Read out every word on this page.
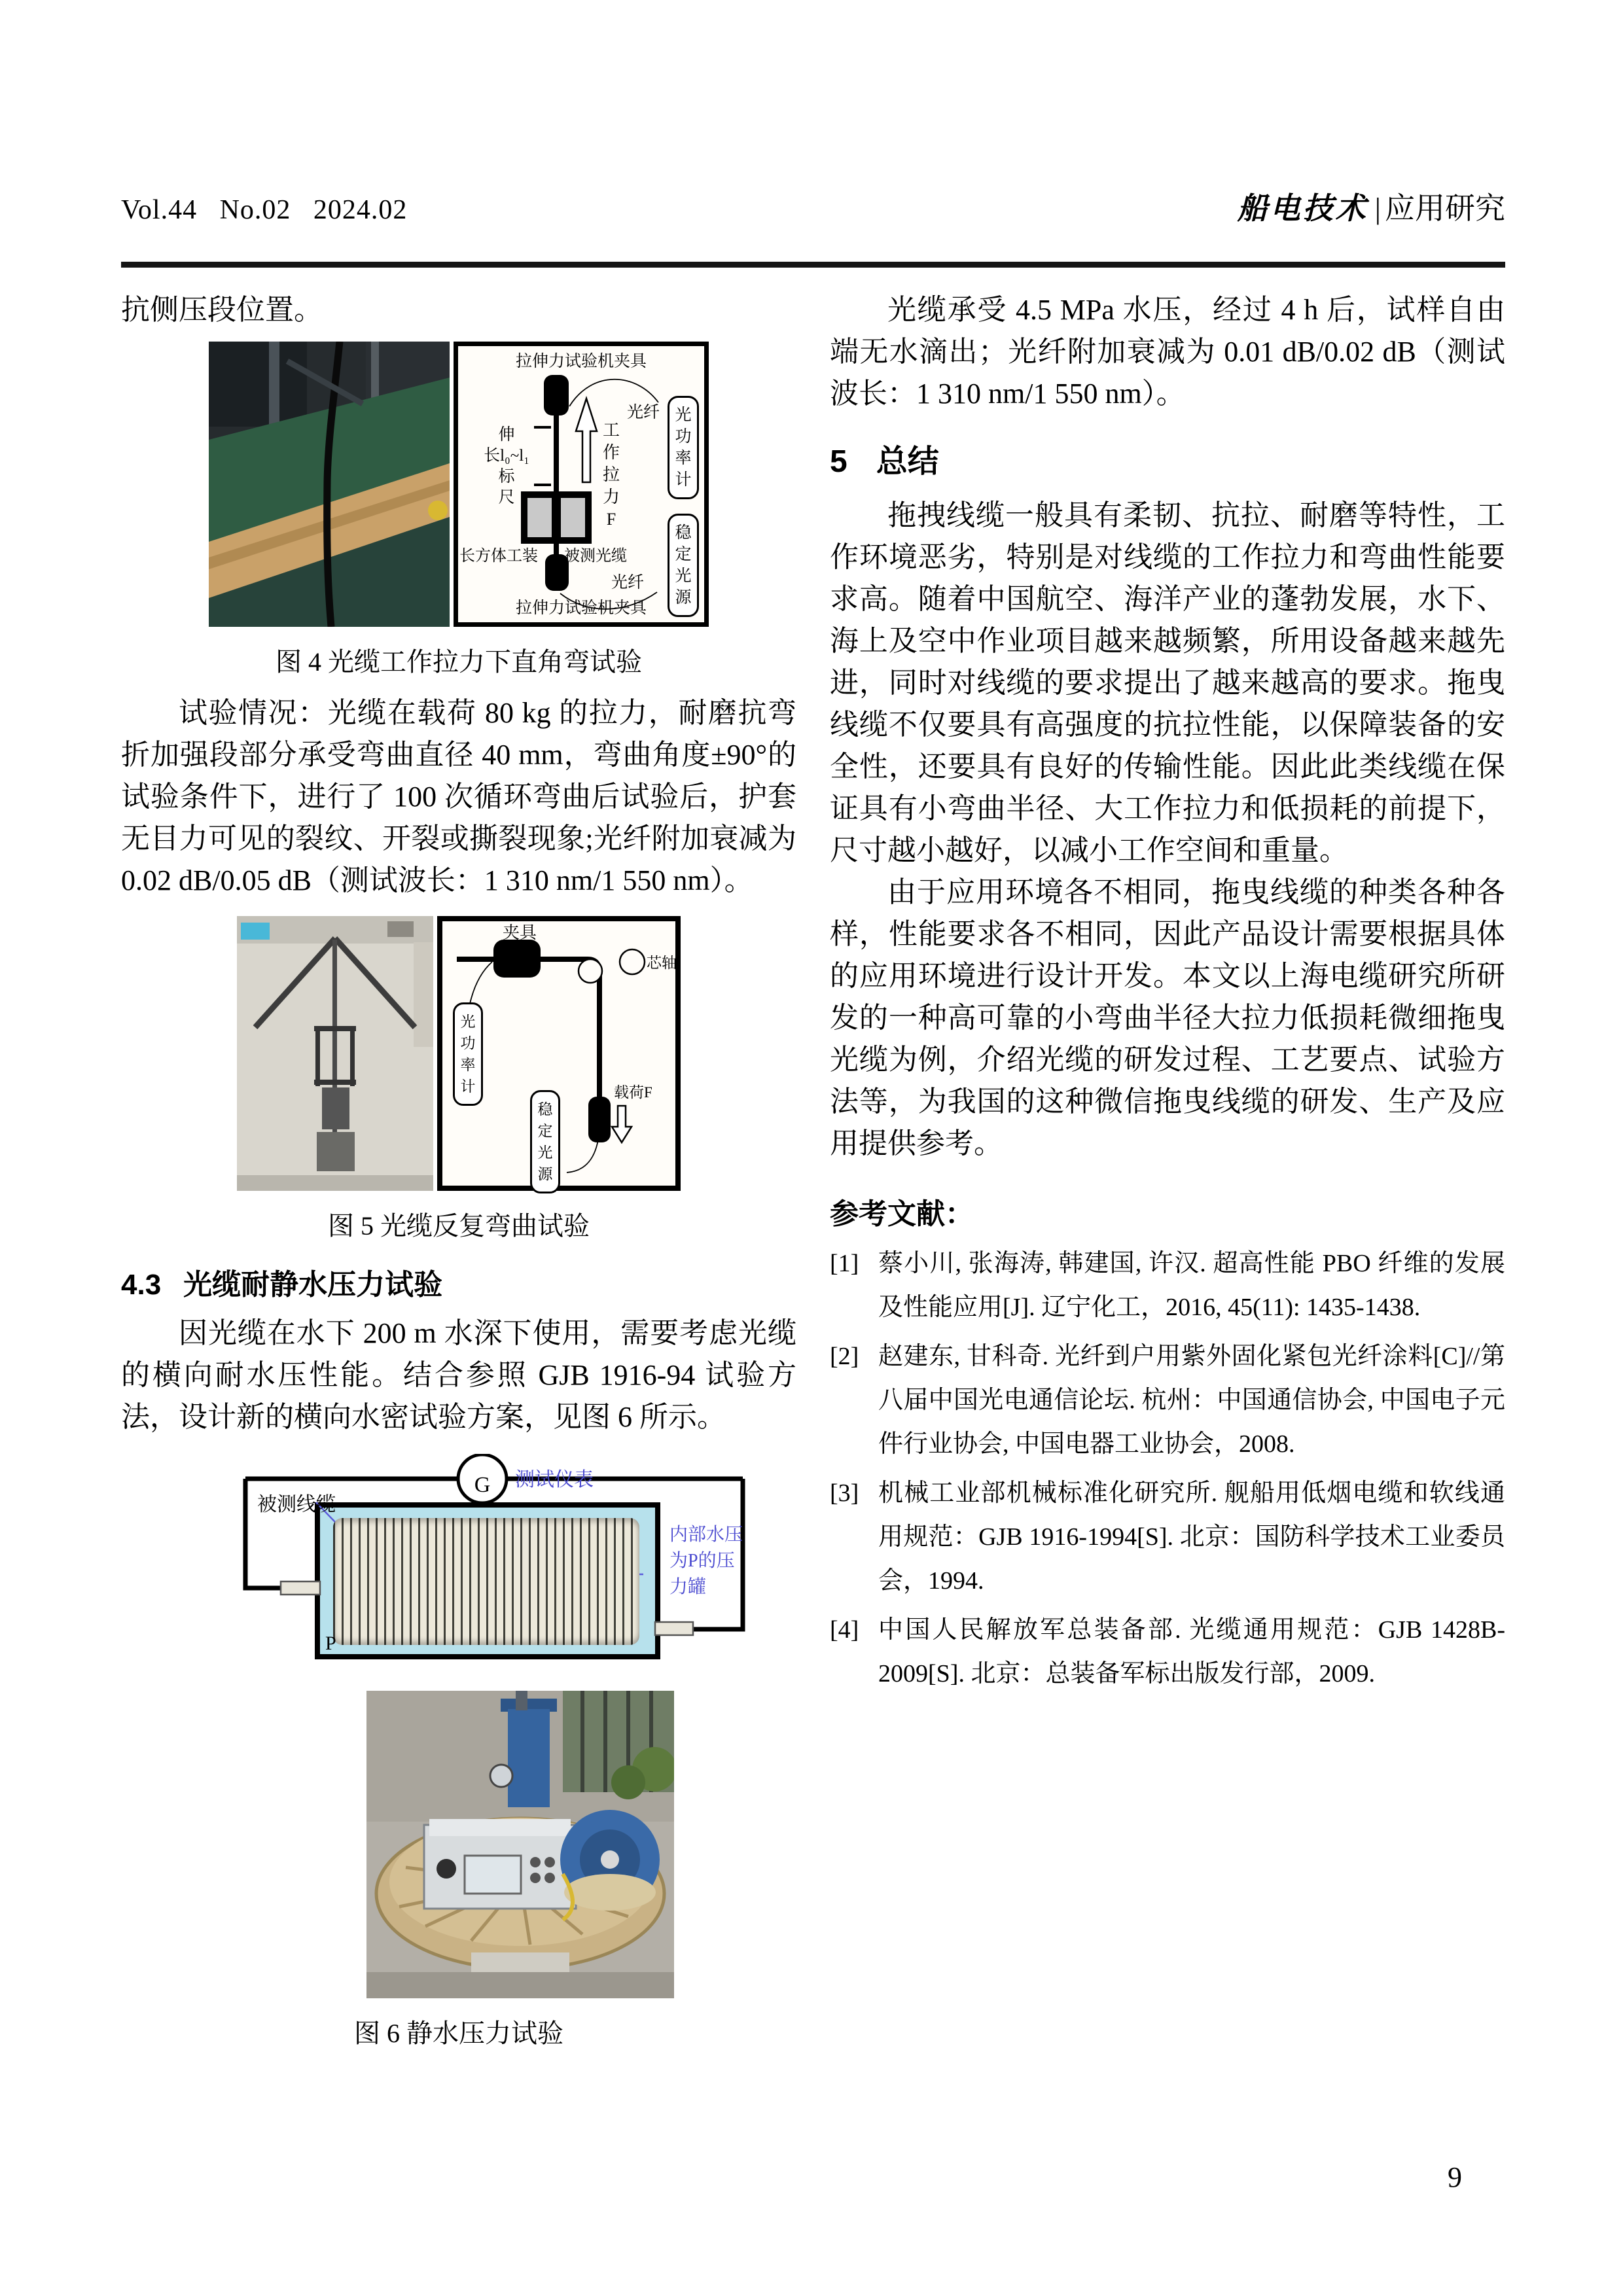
Vol.44   No.02   2024.02	船电技术 | 应用研究

抗侧压段位置。

拉伸力试验机夹具
伸
长l₀~l₁
标
尺
工作拉力F
光纤 光功率计
稳定光源
光纤
长方体工装 被测光缆
拉伸力试验机夹具

图 4 光缆工作拉力下直角弯试验

试验情况：光缆在载荷 80 kg 的拉力，耐磨抗弯折加强段部分承受弯曲直径 40 mm，弯曲角度±90°的试验条件下，进行了 100 次循环弯曲后试验后，护套无目力可见的裂纹、开裂或撕裂现象;光纤附加衰减为 0.02 dB/0.05 dB（测试波长：1 310 nm/1 550 nm）。

夹具
芯轴
光功率计	载荷F
稳定光源

图 5 光缆反复弯曲试验

4.3 光缆耐静水压力试验

因光缆在水下 200 m 水深下使用，需要考虑光缆的横向耐水压性能。结合参照 GJB 1916-94 试验方法，设计新的横向水密试验方案，见图 6 所示。

G 测试仪表
被测线缆
内部水压为P的压力罐
P

图 6 静水压力试验

光缆承受 4.5 MPa 水压，经过 4 h 后，试样自由端无水滴出；光纤附加衰减为 0.01 dB/0.02 dB（测试波长：1 310 nm/1 550 nm）。

5 总结

拖拽线缆一般具有柔韧、抗拉、耐磨等特性，工作环境恶劣，特别是对线缆的工作拉力和弯曲性能要求高。随着中国航空、海洋产业的蓬勃发展，水下、海上及空中作业项目越来越频繁，所用设备越来越先进，同时对线缆的要求提出了越来越高的要求。拖曳线缆不仅要具有高强度的抗拉性能，以保障装备的安全性，还要具有良好的传输性能。因此此类线缆在保证具有小弯曲半径、大工作拉力和低损耗的前提下，尺寸越小越好，以减小工作空间和重量。

由于应用环境各不相同，拖曳线缆的种类各种各样，性能要求各不相同，因此产品设计需要根据具体的应用环境进行设计开发。本文以上海电缆研究所研发的一种高可靠的小弯曲半径大拉力低损耗微细拖曳光缆为例，介绍光缆的研发过程、工艺要点、试验方法等，为我国的这种微信拖曳线缆的研发、生产及应用提供参考。

参考文献：
[1] 蔡小川, 张海涛, 韩建国, 许汉. 超高性能 PBO 纤维的发展及性能应用[J]. 辽宁化工，2016, 45(11): 1435-1438.
[2] 赵建东, 甘科奇. 光纤到户用紫外固化紧包光纤涂料[C]//第八届中国光电通信论坛. 杭州：中国通信协会, 中国电子元件行业协会, 中国电器工业协会，2008.
[3] 机械工业部机械标准化研究所. 舰船用低烟电缆和软线通用规范：GJB 1916-1994[S]. 北京：国防科学技术工业委员会，1994.
[4] 中国人民解放军总装备部. 光缆通用规范：GJB 1428B-2009[S]. 北京：总装备军标出版发行部，2009.
9
